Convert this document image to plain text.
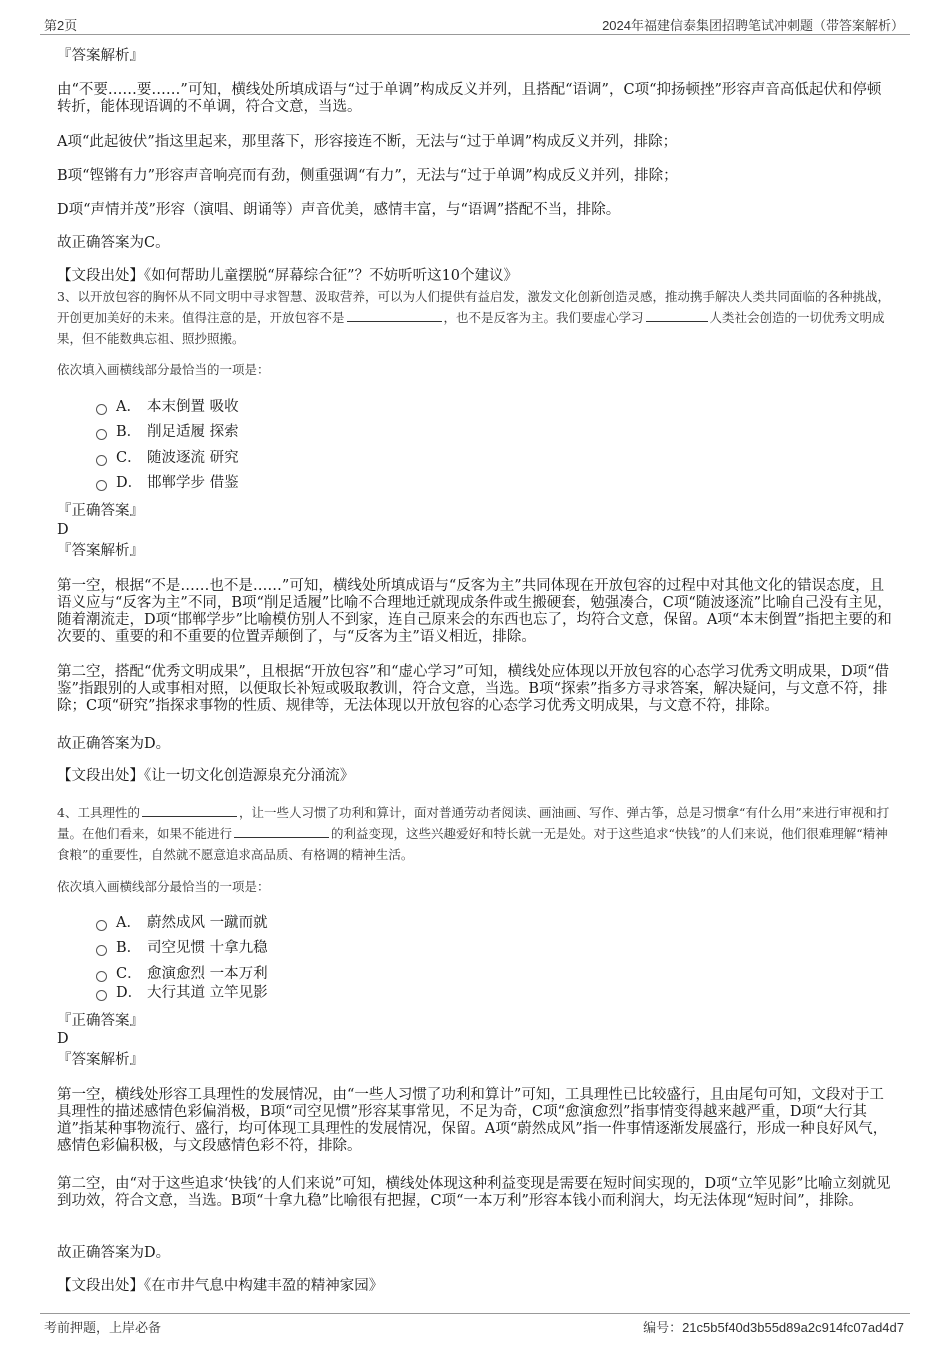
第2页	2024年福建信泰集团招聘笔试冲刺题（带答案解析）
『答案解析』
由“不要……要……”可知，横线处所填成语与“过于单调”构成反义并列，且搭配“语调”，C项“抑扬顿挫”形容声音高低起伏和停顿转折，能体现语调的不单调，符合文意，当选。
A项“此起彼伏”指这里起来，那里落下，形容接连不断，无法与“过于单调”构成反义并列，排除；
B项“铿锵有力”形容声音响亮而有劲，侧重强调“有力”，无法与“过于单调”构成反义并列，排除；
D项“声情并茂”形容（演唱、朗诵等）声音优美，感情丰富，与“语调”搭配不当，排除。
故正确答案为C。
【文段出处】《如何帮助儿童摆脱“屏幕综合征”？不妨听听这10个建议》
3、以开放包容的胸怀从不同文明中寻求智慧、汲取营养，可以为人们提供有益启发，激发文化创新创造灵感，推动携手解决人类共同面临的各种挑战，开创更加美好的未来。值得注意的是，开放包容不是	，也不是反客为主。我们要虚心学习	人类社会创造的一切优秀文明成果，但不能数典忘祖、照抄照搬。
依次填入画横线部分最恰当的一项是：
A． 本末倒置 吸收
B． 削足适履 探索
C． 随波逐流 研究
D． 邯郸学步 借鉴
『正确答案』
D
『答案解析』
第一空，根据“不是……也不是……”可知，横线处所填成语与“反客为主”共同体现在开放包容的过程中对其他文化的错误态度，且语义应与“反客为主”不同，B项“削足适履”比喻不合理地迁就现成条件或生搬硬套，勉强凑合，C项“随波逐流”比喻自己没有主见，随着潮流走，D项“邯郸学步”比喻模仿别人不到家，连自己原来会的东西也忘了，均符合文意，保留。A项“本末倒置”指把主要的和次要的、重要的和不重要的位置弄颠倒了，与“反客为主”语义相近，排除。
第二空，搭配“优秀文明成果”，且根据“开放包容”和“虚心学习”可知，横线处应体现以开放包容的心态学习优秀文明成果，D项“借鉴”指跟别的人或事相对照，以便取长补短或吸取教训，符合文意，当选。B项“探索”指多方寻求答案，解决疑问，与文意不符，排除；C项“研究”指探求事物的性质、规律等，无法体现以开放包容的心态学习优秀文明成果，与文意不符，排除。
故正确答案为D。
【文段出处】《让一切文化创造源泉充分涌流》
4、工具理性的	，让一些人习惯了功利和算计，面对普通劳动者阅读、画油画、写作、弹古筝，总是习惯拿“有什么用”来进行审视和打量。在他们看来，如果不能进行	的利益变现，这些兴趣爱好和特长就一无是处。对于这些追求“快钱”的人们来说，他们很难理解“精神食粮”的重要性，自然就不愿意追求高品质、有格调的精神生活。
依次填入画横线部分最恰当的一项是：
A． 蔚然成风 一蹴而就
B． 司空见惯 十拿九稳
C． 愈演愈烈 一本万利
D． 大行其道 立竿见影
『正确答案』
D
『答案解析』
第一空，横线处形容工具理性的发展情况，由“一些人习惯了功利和算计”可知，工具理性已比较盛行，且由尾句可知，文段对于工具理性的描述感情色彩偏消极，B项“司空见惯”形容某事常见，不足为奇，C项“愈演愈烈”指事情变得越来越严重，D项“大行其道”指某种事物流行、盛行，均可体现工具理性的发展情况，保留。A项“蔚然成风”指一件事情逐渐发展盛行，形成一种良好风气，感情色彩偏积极，与文段感情色彩不符，排除。
第二空，由“对于这些追求‘快钱’的人们来说”可知，横线处体现这种利益变现是需要在短时间实现的，D项“立竿见影”比喻立刻就见到功效，符合文意，当选。B项“十拿九稳”比喻很有把握，C项“一本万利”形容本钱小而利润大，均无法体现“短时间”，排除。
故正确答案为D。
【文段出处】《在市井气息中构建丰盈的精神家园》
考前押题，上岸必备	编号：21c5b5f40d3b55d89a2c914fc07ad4d7
